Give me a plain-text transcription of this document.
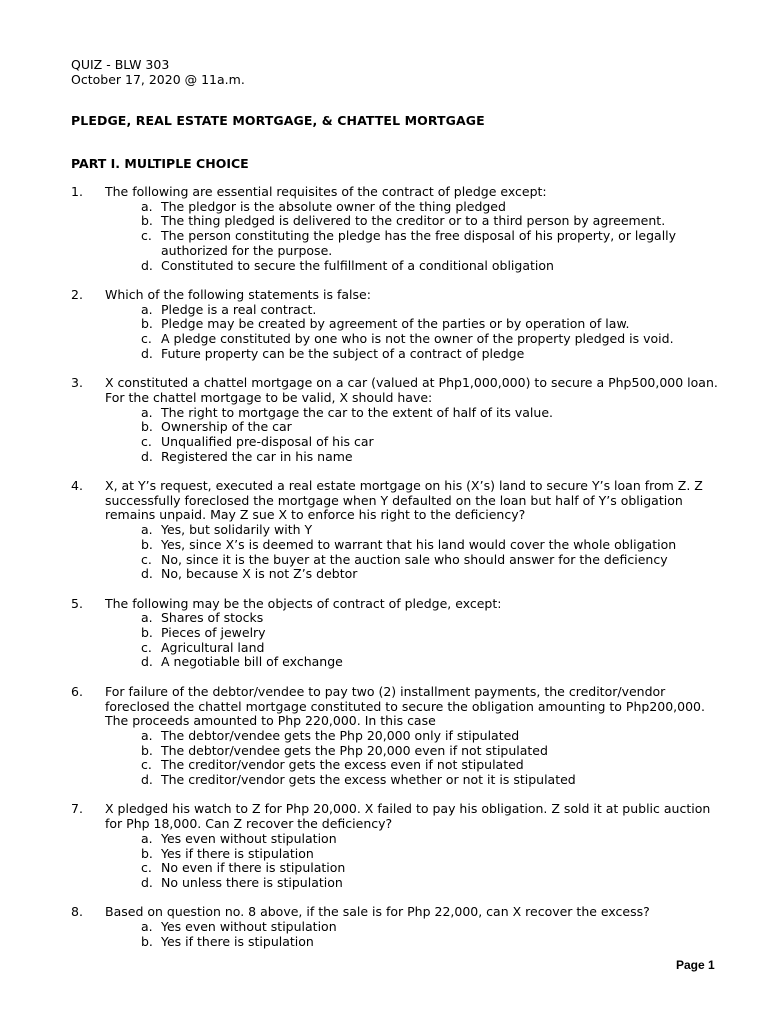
QUIZ - BLW 303
October 17, 2020 @ 11a.m.
PLEDGE, REAL ESTATE MORTGAGE, & CHATTEL MORTGAGE
PART I. MULTIPLE CHOICE
1.	The following are essential requisites of the contract of pledge except:

a. The pledgor is the absolute owner of the thing pledged
b. The thing pledged is delivered to the creditor or to a third person by agreement.
c. The person constituting the pledge has the free disposal of his property, or legally authorized for the purpose.
d. Constituted to secure the fulfillment of a conditional obligation
2.	Which of the following statements is false:

a. Pledge is a real contract.
b. Pledge may be created by agreement of the parties or by operation of law.
c. A pledge constituted by one who is not the owner of the property pledged is void.
d. Future property can be the subject of a contract of pledge
3.	X constituted a chattel mortgage on a car (valued at Php1,000,000) to secure a Php500,000 loan. For the chattel mortgage to be valid, X should have:

a. The right to mortgage the car to the extent of half of its value.
b. Ownership of the car
c. Unqualified pre-disposal of his car
d. Registered the car in his name
4.	X, at Y’s request, executed a real estate mortgage on his (X’s) land to secure Y’s loan from Z. Z successfully foreclosed the mortgage when Y defaulted on the loan but half of Y’s obligation remains unpaid. May Z sue X to enforce his right to the deficiency?

a. Yes, but solidarily with Y
b. Yes, since X’s is deemed to warrant that his land would cover the whole obligation
c. No, since it is the buyer at the auction sale who should answer for the deficiency
d. No, because X is not Z’s debtor
5.	The following may be the objects of contract of pledge, except:

a. Shares of stocks
b. Pieces of jewelry
c. Agricultural land
d. A negotiable bill of exchange
6.	For failure of the debtor/vendee to pay two (2) installment payments, the creditor/vendor foreclosed the chattel mortgage constituted to secure the obligation amounting to Php200,000. The proceeds amounted to Php 220,000. In this case

a. The debtor/vendee gets the Php 20,000 only if stipulated
b. The debtor/vendee gets the Php 20,000 even if not stipulated
c. The creditor/vendor gets the excess even if not stipulated
d. The creditor/vendor gets the excess whether or not it is stipulated
7.	X pledged his watch to Z for Php 20,000. X failed to pay his obligation. Z sold it at public auction for Php 18,000. Can Z recover the deficiency?

a. Yes even without stipulation
b. Yes if there is stipulation
c. No even if there is stipulation
d. No unless there is stipulation
8.	Based on question no. 8 above, if the sale is for Php 22,000, can X recover the excess?

a. Yes even without stipulation
b. Yes if there is stipulation
Page 1
